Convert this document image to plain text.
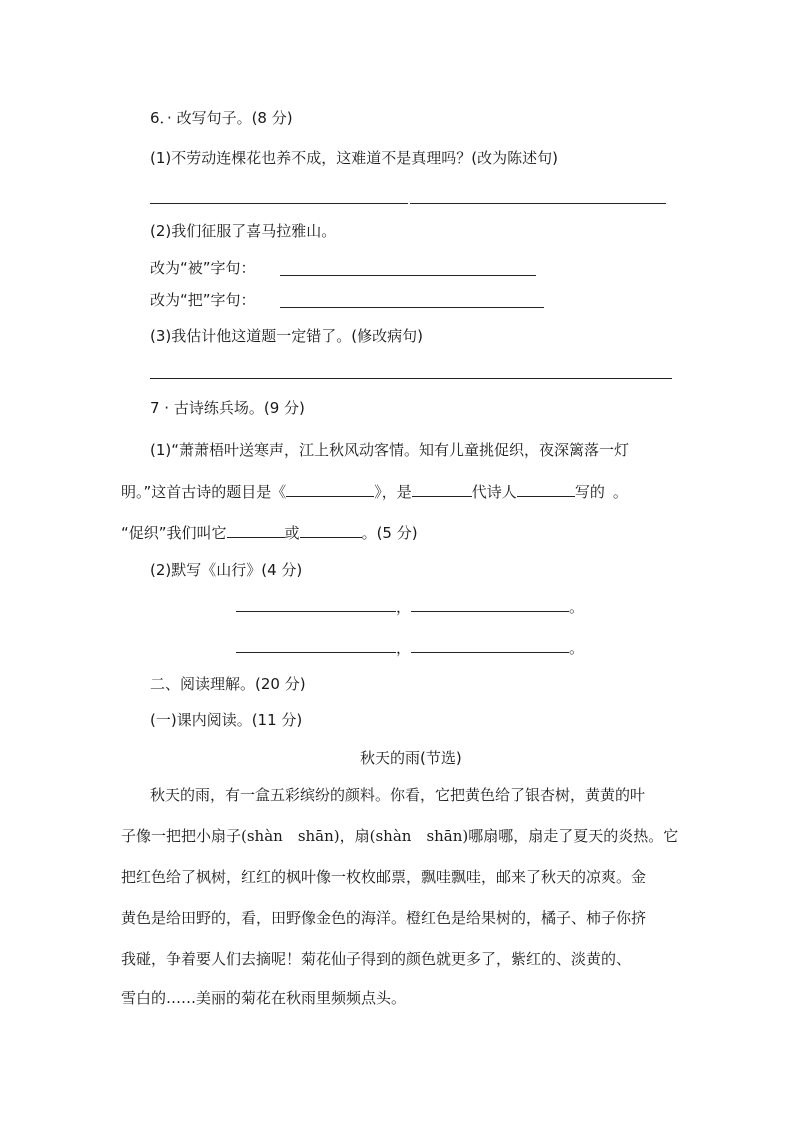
6．· 改写句子。(8 分)
(1)不劳动连棵花也养不成，这难道不是真理吗？(改为陈述句)
(2)我们征服了喜马拉雅山。
改为“被”字句：
改为“把”字句：
(3)我估计他这道题一定错了。(修改病句)
7 · 古诗练兵场。(9 分)
(1)“萧萧梧叶送寒声，江上秋风动客情。知有儿童挑促织，夜深篱落一灯
明。”这首古诗的题目是《	》，是	代诗人	写的 。
“促织”我们叫它	或	。(5 分)
(2)默写《山行》(4 分)
，	。
，	。
二、阅读理解。(20 分)
(一)课内阅读。(11 分)
秋天的雨(节选)
秋天的雨，有一盒五彩缤纷的颜料。你看，它把黄色给了银杏树，黄黄的叶
子像一把把小扇子(shàn　shān)，扇(shàn　shān)哪扇哪，扇走了夏天的炎热。它
把红色给了枫树，红红的枫叶像一枚枚邮票，飘哇飘哇，邮来了秋天的凉爽。金
黄色是给田野的，看，田野像金色的海洋。橙红色是给果树的，橘子、柿子你挤
我碰，争着要人们去摘呢！菊花仙子得到的颜色就更多了，紫红的、淡黄的、
雪白的……美丽的菊花在秋雨里频频点头。
